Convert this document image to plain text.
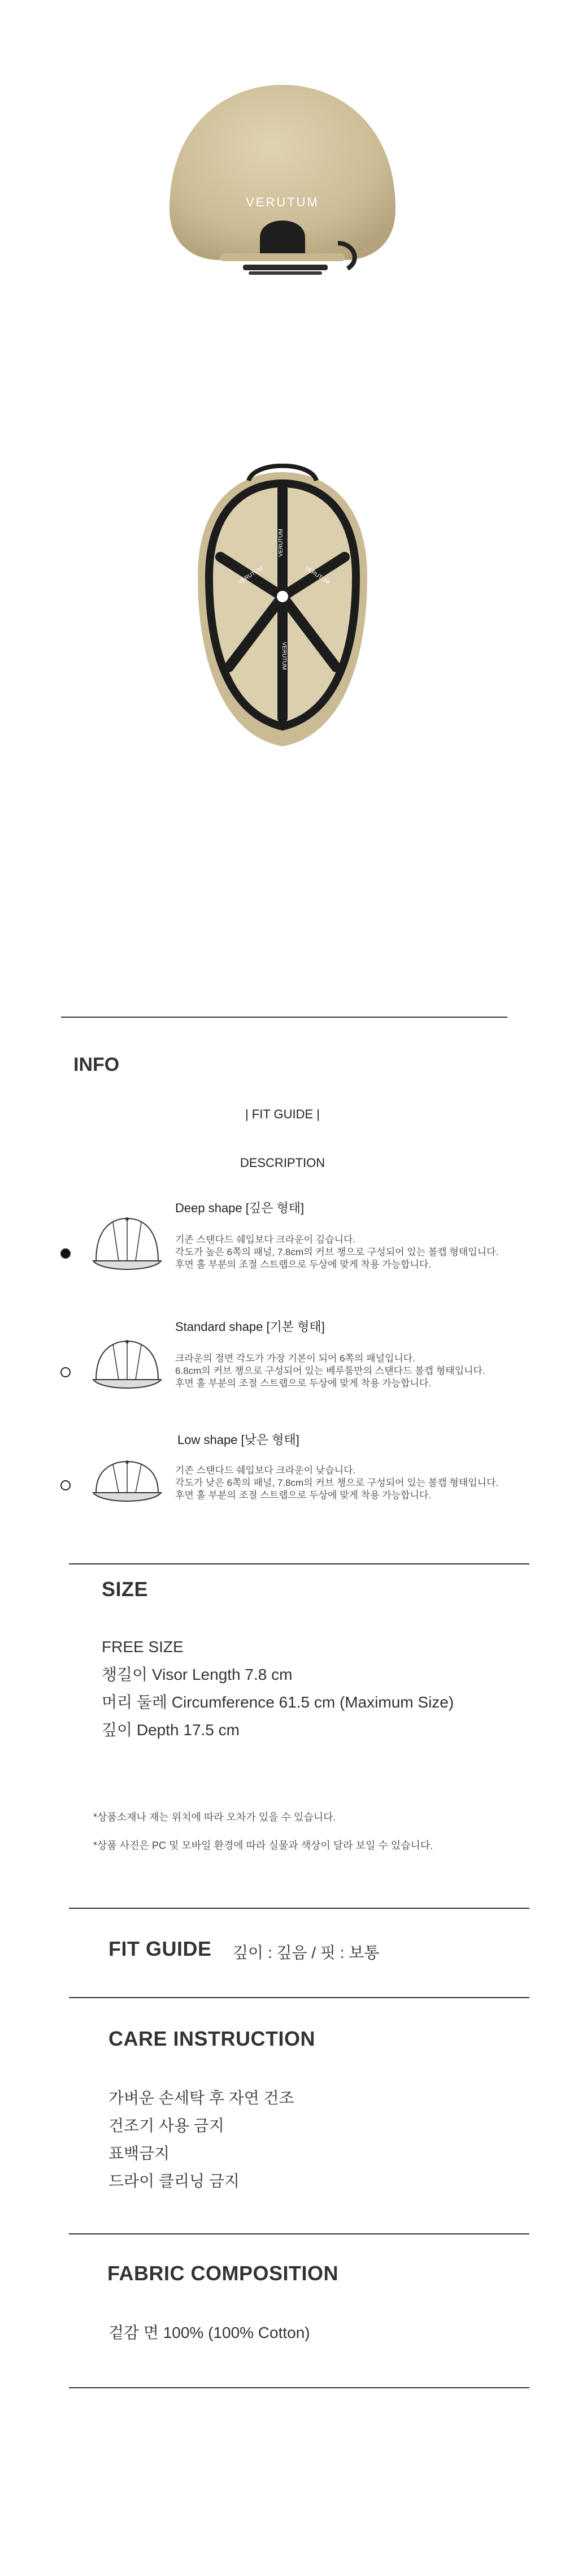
VERUTUM
VERUTUM
VERUTUM
VERUTUM
VERUTUM
INFO
| FIT GUIDE |
DESCRIPTION
Deep shape [깊은 형태]
기존 스탠다드 쉐입보다 크라운이 깊습니다.
각도가 높은 6쪽의 패널, 7.8cm의 커브 챙으로 구성되어 있는 볼캡 형태입니다.
후면 홀 부분의 조절 스트랩으로 두상에 맞게 착용 가능합니다.
Standard shape [기본 형태]
크라운의 정면 각도가 가장 기본이 되어 6쪽의 패널입니다.
6.8cm의 커브 챙으로 구성되어 있는 베루툼만의 스탠다드 볼캡 형태입니다.
후면 홀 부분의 조절 스트랩으로 두상에 맞게 착용 가능합니다.
Low shape [낮은 형태]
기존 스탠다드 쉐입보다 크라운이 낮습니다.
각도가 낮은 6쪽의 패널, 7.8cm의 커브 챙으로 구성되어 있는 볼캡 형태입니다.
후면 홀 부분의 조절 스트랩으로 두상에 맞게 착용 가능합니다.
SIZE
FREE SIZE
챙길이 Visor Length 7.8 cm
머리 둘레 Circumference 61.5 cm (Maximum Size)
깊이 Depth 17.5 cm
*상품소재나 재는 위치에 따라 오차가 있을 수 있습니다.
*상품 사진은 PC 및 모바일 환경에 따라 실물과 색상이 달라 보일 수 있습니다.
FIT GUIDE 깊이 : 깊음 / 핏 : 보통
CARE INSTRUCTION
가벼운 손세탁 후 자연 건조
건조기 사용 금지
표백금지
드라이 클리닝 금지
FABRIC COMPOSITION
겉감 면 100% (100% Cotton)
